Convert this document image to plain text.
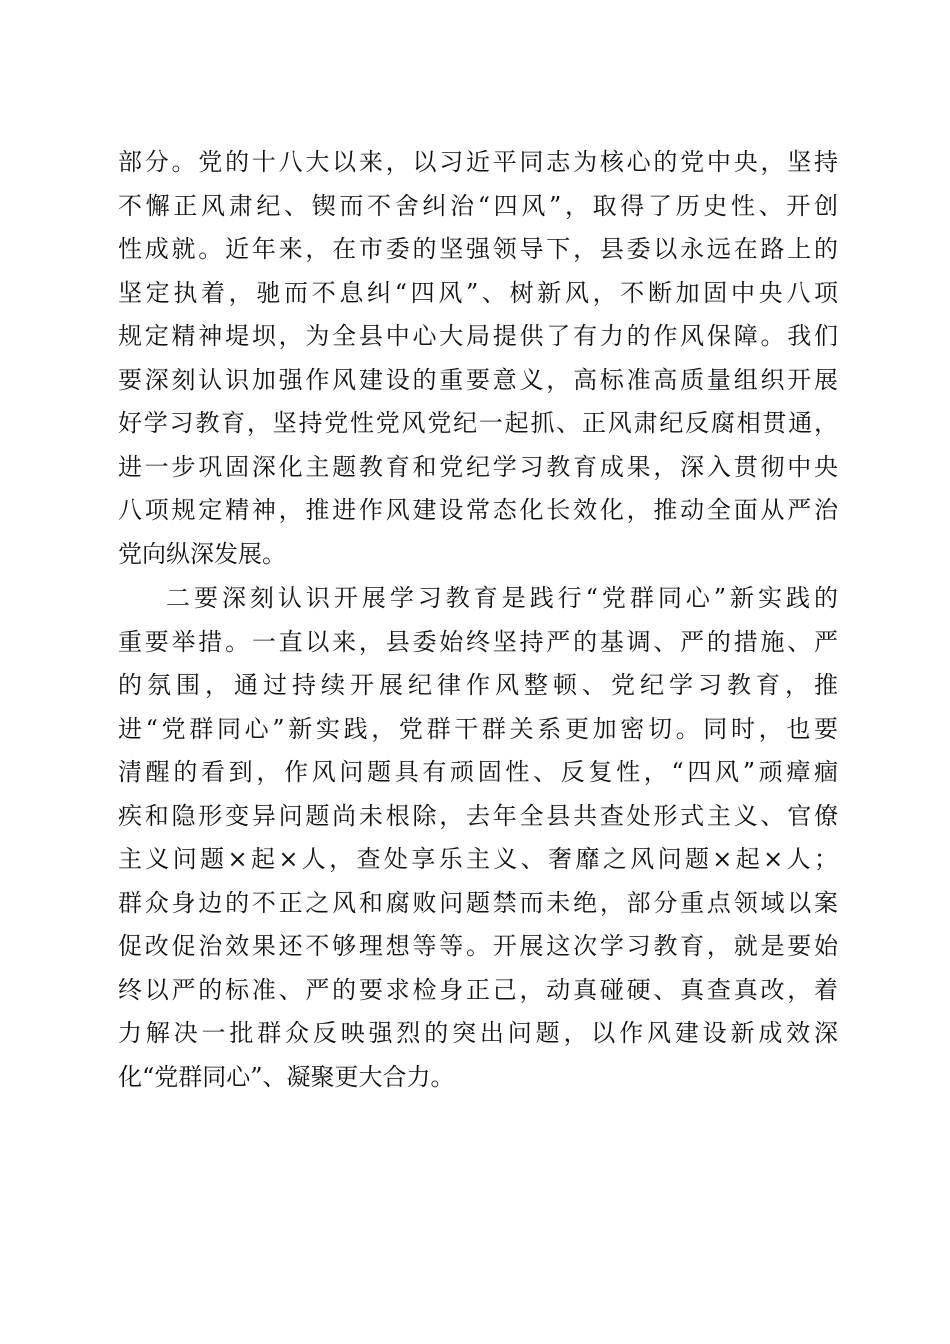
部分。党的十八大以来，以习近平同志为核心的党中央，坚持
不懈正风肃纪、锲而不舍纠治“四风”，取得了历史性、开创
性成就。近年来，在市委的坚强领导下，县委以永远在路上的
坚定执着，驰而不息纠“四风”、树新风，不断加固中央八项
规定精神堤坝，为全县中心大局提供了有力的作风保障。我们
要深刻认识加强作风建设的重要意义，高标准高质量组织开展
好学习教育，坚持党性党风党纪一起抓、正风肃纪反腐相贯通，
进一步巩固深化主题教育和党纪学习教育成果，深入贯彻中央
八项规定精神，推进作风建设常态化长效化，推动全面从严治
党向纵深发展。
二要深刻认识开展学习教育是践行“党群同心”新实践的
重要举措。一直以来，县委始终坚持严的基调、严的措施、严
的氛围，通过持续开展纪律作风整顿、党纪学习教育，推
进“党群同心”新实践，党群干群关系更加密切。同时，也要
清醒的看到，作风问题具有顽固性、反复性，“四风”顽瘴痼
疾和隐形变异问题尚未根除，去年全县共查处形式主义、官僚
主义问题×起×人，查处享乐主义、奢靡之风问题×起×人；
群众身边的不正之风和腐败问题禁而未绝，部分重点领域以案
促改促治效果还不够理想等等。开展这次学习教育，就是要始
终以严的标准、严的要求检身正己，动真碰硬、真查真改，着
力解决一批群众反映强烈的突出问题，以作风建设新成效深
化“党群同心”、凝聚更大合力。
